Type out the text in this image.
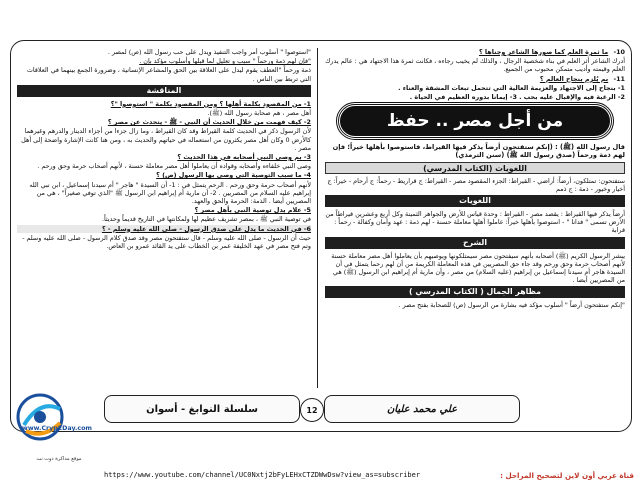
10- ما ثمرة العلم كما صورها الشاعر وجناها ؟

أدرك الشاعر أثر العلم في بناء شخصية الرجال ، والذلك لم يخيب رجاءه ، فكانت ثمرة هذا الاجتهاد هي : عالم يدرك العلم وقيمته وأديب متمكن محبوب من الجميع.

11- بم يُلزم بنجاح العالم ؟

1- بنجاح إلى الاجتهاد والعزيمة العالية التي تتحمل تبعات المشقة والعناء .

2- الرغبة فيه والإقبال عليه بحب . 3- إيمانا بدوره العظيم في الحياة .

من أجل مصر .. حفظ

قال رسول الله (ﷺ) : (إنكم ستفتحون أرضاً يذكر فيها القيراط، فاستوصوا بأهلها خيراً؛ فإن لهم ذمة ورحماً (صدق رسول الله ﷺ) (سنن الترمذي)

اللغويات (الكتاب المدرسي)

ستفتحون: تمتلكون، أرضاً: أراضي - القيراط: الجزء المقصود مصر - القيراط: ج قراريط - رحماً: ج أرحام - خيراً: ج أخيار وخيور - ذمة : ج ذمم

اللغويات

أرضاً يذكر فيها القيراط : يقصد مصر - القيراط : وحدة قياس للأرض والجواهر الثمينة وكل أربع وعشرين قيراطاً من الأرض تسمى " فدانا " - استوصوا بأهلها خيراً: عاملوا أهلها معاملة حسنة - لهم ذمة : عهد وأمان وكفالة - رحماً : قرابة

الشرح

يبشر الرسول الكريم (ﷺ) أصحابه بأنهم سيفتحون مصر سيمتلكونها ويوصيهم بأن يعاملوا أهل مصر معاملة حسنة لأنهم أصحاب حرمة وحق ورحم وقد جاء حق المصريين في هذه المعاملة الكريمة من أن لهم رحما يتمثل في أن السيدة هاجر أم سيدنا إسماعيل بن إبراهيم (عليه السلام) من مصر ، وأن مارية أم إبراهيم ابن الرسول (ﷺ) هي من المصريين أيضا .

مظاهر الجمال ( الكتاب المدرسي )

"إنكم ستفتحون أرضاً " أسلوب مؤكد فيه بشارة من الرسول (ص) للصحابة بفتح مصر .

"استوصوا " أسلوب أمر واجب التنفيذ ويدل على حب رسول الله (ص) لمصر .

"فإن لهم ذمة ورحماً " سبب و تعليل لما قبلها وأسلوب مؤكد بإن .

ذمة ورحماً "العطف يقوم ليدل على العلاقة بين الحق والمشاعر الإنسانية ، وضرورة الجمع بينهما في العلاقات التي تربط بين الناس .

المناقشة

1- من المقصود بكلمة أهلها ؟ ومن المقصود بكلمة " استوصوا "؟

أهل مصر ، هم صحابة رسول الله (ﷺ).

2- كيف فهمت من خلال الحديث أن النبي - ﷺ - يتحدث عن مصر ؟

لأن الرسول ذكر في الحديث كلمة القيراط وقد كان القيراط ، وما زال جزءا من أجزاء الدينار والدرهم وغيرهما كالأرض 0 وكان أهل مصر يكثرون من استعماله في حياتهم والحديث به ، ومن هنا كانت الإشارة واضحة إلى أهل مصر .

3- بم وصى النبي أصحابه في هذا الحديث ؟

وصى النبي خلفاءه وأصحابه وقواده أن يعاملوا أهل مصر معاملة حسنة ، لأنهم أصحاب حرمة وحق ورحم .

4- ما سبب التوصية التي وصى بها الرسول (ص) ؟

لأنهم أصحاب حرمة وحق ورحم . الرحم يتمثل في : 1- أن السيدة " هاجر " أم سيدنا إسماعيل ، ابن نبي الله إبراهيم عليه السلام من المصريين . 2- أن مارية أم إبراهيم ابن الرسول ﷺ "الذي توفي صغيراً" ، هي من المصريين أيضا . الذمة: الحرمة والحق والعهد.

5- علام يدل توصية النبي بأهل مصر ؟

في توصية النبي ﷺ ، بمصر تشريف عظيم لها ولمكانتها في التاريخ قديماً وحديثاً.

6- في الحديث ما يدل على صدق الرسول - صلى الله عليه وسلم - ؟

حيث أن الرسول - صلى الله عليه وسلم - قال ستفتحون مصر وقد صدق كلام الرسول - صلى الله عليه وسلم - وتم فتح مصر في عهد الخليفة عمر بن الخطاب على يد القائد عمرو بن العاص.

سلسلة النوابغ - أسوان	12	علي محمد عليان
www.Cryp2Day.com
موقع مذاكرة دوت نت
قناة عربي أون لاين لتصحيح المراحل :
https://www.youtube.com/channel/UC0Nxtj2bFyLEHxCTZDWwDsw?view_as=subscriber
